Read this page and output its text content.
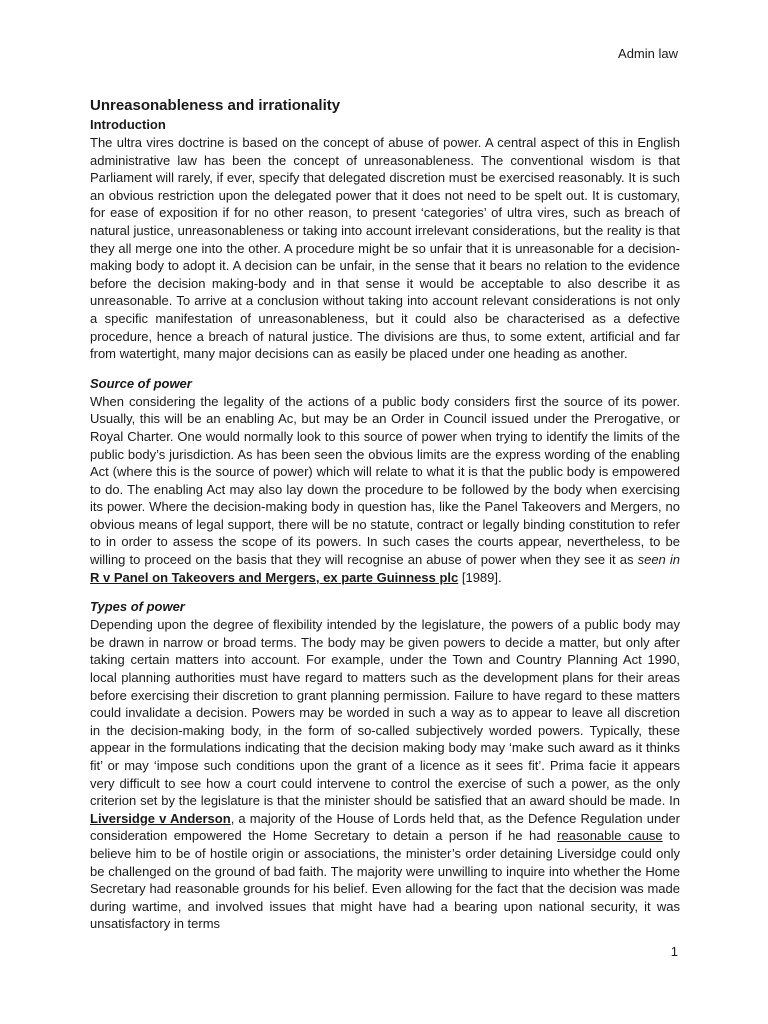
Admin law
Unreasonableness and irrationality
Introduction

The ultra vires doctrine is based on the concept of abuse of power. A central aspect of this in English administrative law has been the concept of unreasonableness. The conventional wisdom is that Parliament will rarely, if ever, specify that delegated discretion must be exercised reasonably. It is such an obvious restriction upon the delegated power that it does not need to be spelt out. It is customary, for ease of exposition if for no other reason, to present ‘categories’ of ultra vires, such as breach of natural justice, unreasonableness or taking into account irrelevant considerations, but the reality is that they all merge one into the other. A procedure might be so unfair that it is unreasonable for a decision-making body to adopt it. A decision can be unfair, in the sense that it bears no relation to the evidence before the decision making-body and in that sense it would be acceptable to also describe it as unreasonable. To arrive at a conclusion without taking into account relevant considerations is not only a specific manifestation of unreasonableness, but it could also be characterised as a defective procedure, hence a breach of natural justice. The divisions are thus, to some extent, artificial and far from watertight, many major decisions can as easily be placed under one heading as another.

Source of power

When considering the legality of the actions of a public body considers first the source of its power. Usually, this will be an enabling Ac, but may be an Order in Council issued under the Prerogative, or Royal Charter. One would normally look to this source of power when trying to identify the limits of the public body’s jurisdiction. As has been seen the obvious limits are the express wording of the enabling Act (where this is the source of power) which will relate to what it is that the public body is empowered to do. The enabling Act may also lay down the procedure to be followed by the body when exercising its power. Where the decision-making body in question has, like the Panel Takeovers and Mergers, no obvious means of legal support, there will be no statute, contract or legally binding constitution to refer to in order to assess the scope of its powers. In such cases the courts appear, nevertheless, to be willing to proceed on the basis that they will recognise an abuse of power when they see it as seen in R v Panel on Takeovers and Mergers, ex parte Guinness plc [1989].

Types of power

Depending upon the degree of flexibility intended by the legislature, the powers of a public body may be drawn in narrow or broad terms. The body may be given powers to decide a matter, but only after taking certain matters into account. For example, under the Town and Country Planning Act 1990, local planning authorities must have regard to matters such as the development plans for their areas before exercising their discretion to grant planning permission. Failure to have regard to these matters could invalidate a decision. Powers may be worded in such a way as to appear to leave all discretion in the decision-making body, in the form of so-called subjectively worded powers. Typically, these appear in the formulations indicating that the decision making body may ‘make such award as it thinks fit’ or may ‘impose such conditions upon the grant of a licence as it sees fit’. Prima facie it appears very difficult to see how a court could intervene to control the exercise of such a power, as the only criterion set by the legislature is that the minister should be satisfied that an award should be made. In Liversidge v Anderson, a majority of the House of Lords held that, as the Defence Regulation under consideration empowered the Home Secretary to detain a person if he had reasonable cause to believe him to be of hostile origin or associations, the minister’s order detaining Liversidge could only be challenged on the ground of bad faith. The majority were unwilling to inquire into whether the Home Secretary had reasonable grounds for his belief. Even allowing for the fact that the decision was made during wartime, and involved issues that might have had a bearing upon national security, it was unsatisfactory in terms

1
